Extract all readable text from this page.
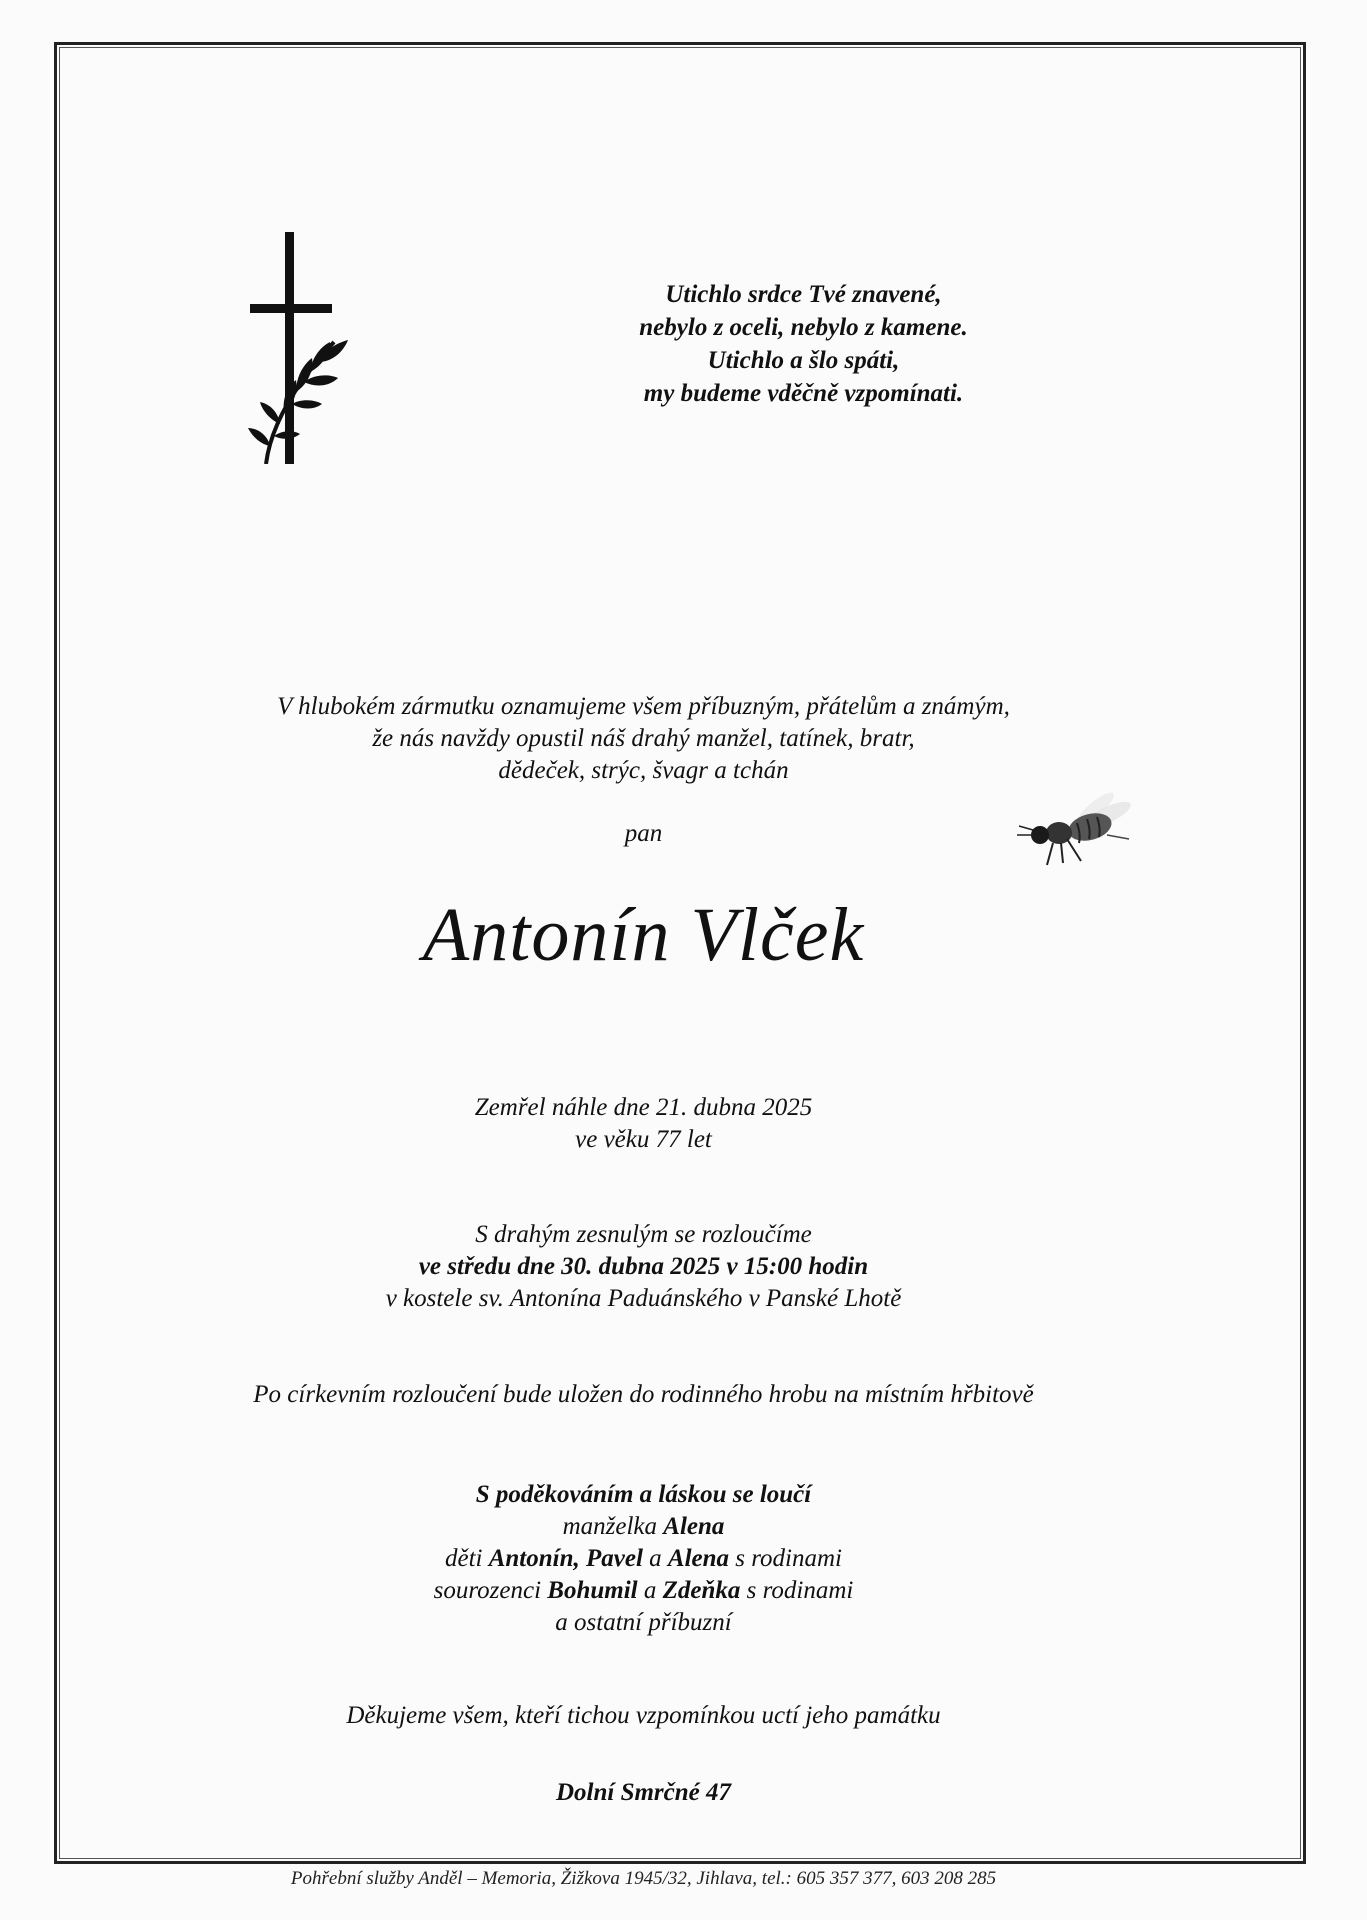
Utichlo srdce Tvé znavené,
nebylo z oceli, nebylo z kamene.
Utichlo a šlo spáti,
my budeme vděčně vzpomínati.
V hlubokém zármutku oznamujeme všem příbuzným, přátelům a známým,
že nás navždy opustil náš drahý manžel, tatínek, bratr,
dědeček, strýc, švagr a tchán
pan
Antonín Vlček
Zemřel náhle dne 21. dubna 2025
ve věku 77 let
S drahým zesnulým se rozloučíme
ve středu dne 30. dubna 2025 v 15:00 hodin
v kostele sv. Antonína Paduánského v Panské Lhotě
Po církevním rozloučení bude uložen do rodinného hrobu na místním hřbitově
S poděkováním a láskou se loučí
manželka Alena
děti Antonín, Pavel a Alena s rodinami
sourozenci Bohumil a Zdeňka s rodinami
a ostatní příbuzní
Děkujeme všem, kteří tichou vzpomínkou uctí jeho památku
Dolní Smrčné 47
Pohřební služby Anděl – Memoria, Žižkova 1945/32, Jihlava, tel.: 605 357 377, 603 208 285
